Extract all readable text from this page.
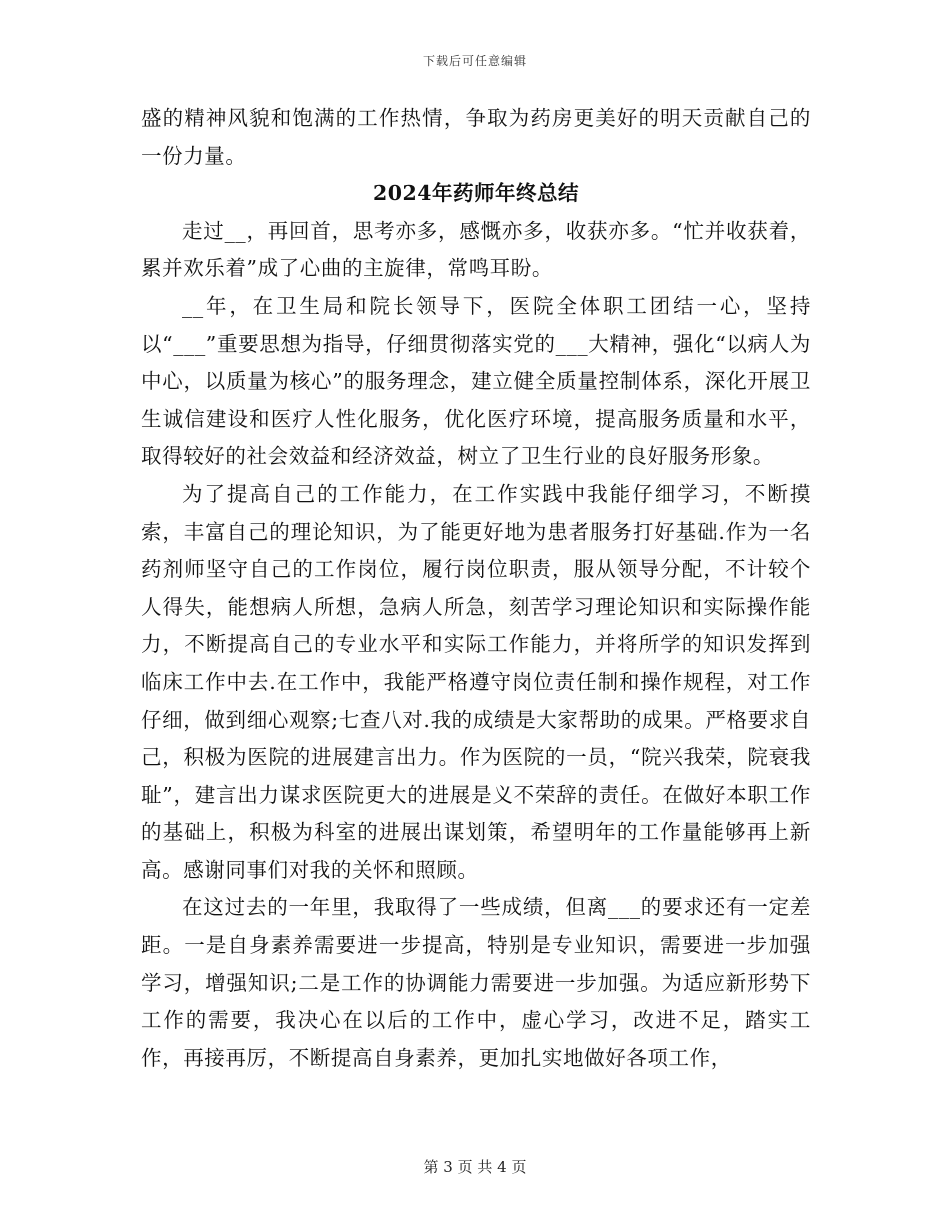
下载后可任意编辑

盛的精神风貌和饱满的工作热情，争取为药房更美好的明天贡献自己的一份力量。

2024年药师年终总结

走过__，再回首，思考亦多，感慨亦多，收获亦多。“忙并收获着，累并欢乐着”成了心曲的主旋律，常鸣耳盼。

__年，在卫生局和院长领导下，医院全体职工团结一心，坚持以“___”重要思想为指导，仔细贯彻落实党的___大精神，强化“以病人为中心，以质量为核心”的服务理念，建立健全质量控制体系，深化开展卫生诚信建设和医疗人性化服务，优化医疗环境，提高服务质量和水平，取得较好的社会效益和经济效益，树立了卫生行业的良好服务形象。

为了提高自己的工作能力，在工作实践中我能仔细学习，不断摸索，丰富自己的理论知识，为了能更好地为患者服务打好基础.作为一名药剂师坚守自己的工作岗位，履行岗位职责，服从领导分配，不计较个人得失，能想病人所想，急病人所急，刻苦学习理论知识和实际操作能力，不断提高自己的专业水平和实际工作能力，并将所学的知识发挥到临床工作中去.在工作中，我能严格遵守岗位责任制和操作规程，对工作仔细，做到细心观察;七查八对.我的成绩是大家帮助的成果。严格要求自己，积极为医院的进展建言出力。作为医院的一员，“院兴我荣，院衰我耻”，建言出力谋求医院更大的进展是义不荣辞的责任。在做好本职工作的基础上，积极为科室的进展出谋划策，希望明年的工作量能够再上新高。感谢同事们对我的关怀和照顾。

在这过去的一年里，我取得了一些成绩，但离___的要求还有一定差距。一是自身素养需要进一步提高，特别是专业知识，需要进一步加强学习，增强知识;二是工作的协调能力需要进一步加强。为适应新形势下工作的需要，我决心在以后的工作中，虚心学习，改进不足，踏实工作，再接再厉，不断提高自身素养，更加扎实地做好各项工作，

第 3 页 共 4 页
